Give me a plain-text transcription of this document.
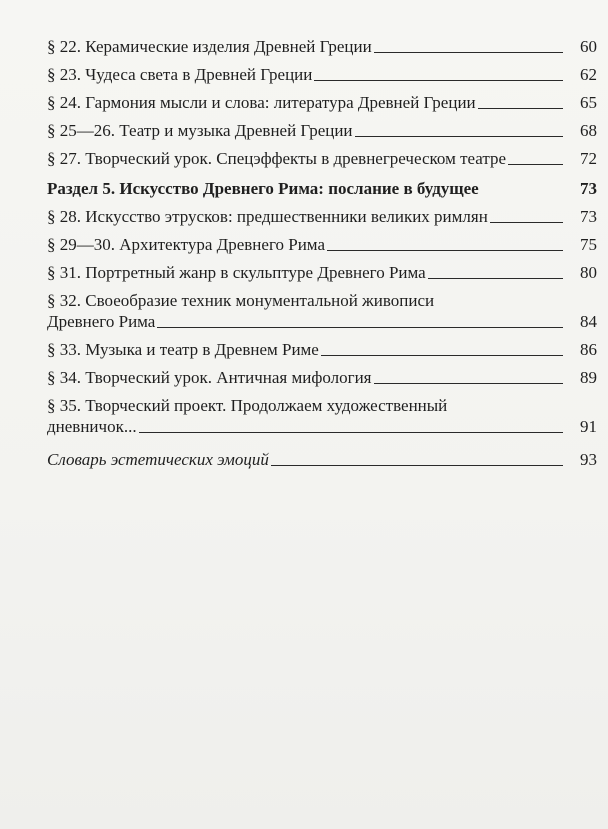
§ 22. Керамические изделия Древней Греции	60
§ 23. Чудеса света в Древней Греции	62
§ 24. Гармония мысли и слова: литература Древней Греции	65
§ 25—26. Театр и музыка Древней Греции	68
§ 27. Творческий урок. Спецэффекты в древнегреческом театре	72
Раздел 5. Искусство Древнего Рима: послание в будущее	73
§ 28. Искусство этрусков: предшественники великих римлян	73
§ 29—30. Архитектура Древнего Рима	75
§ 31. Портретный жанр в скульптуре Древнего Рима	80
§ 32. Своеобразие техник монументальной живописи
Древнего Рима	84
§ 33. Музыка и театр в Древнем Риме	86
§ 34. Творческий урок. Античная мифология	89
§ 35. Творческий проект. Продолжаем художественный
дневничок...	91
Словарь эстетических эмоций	93
